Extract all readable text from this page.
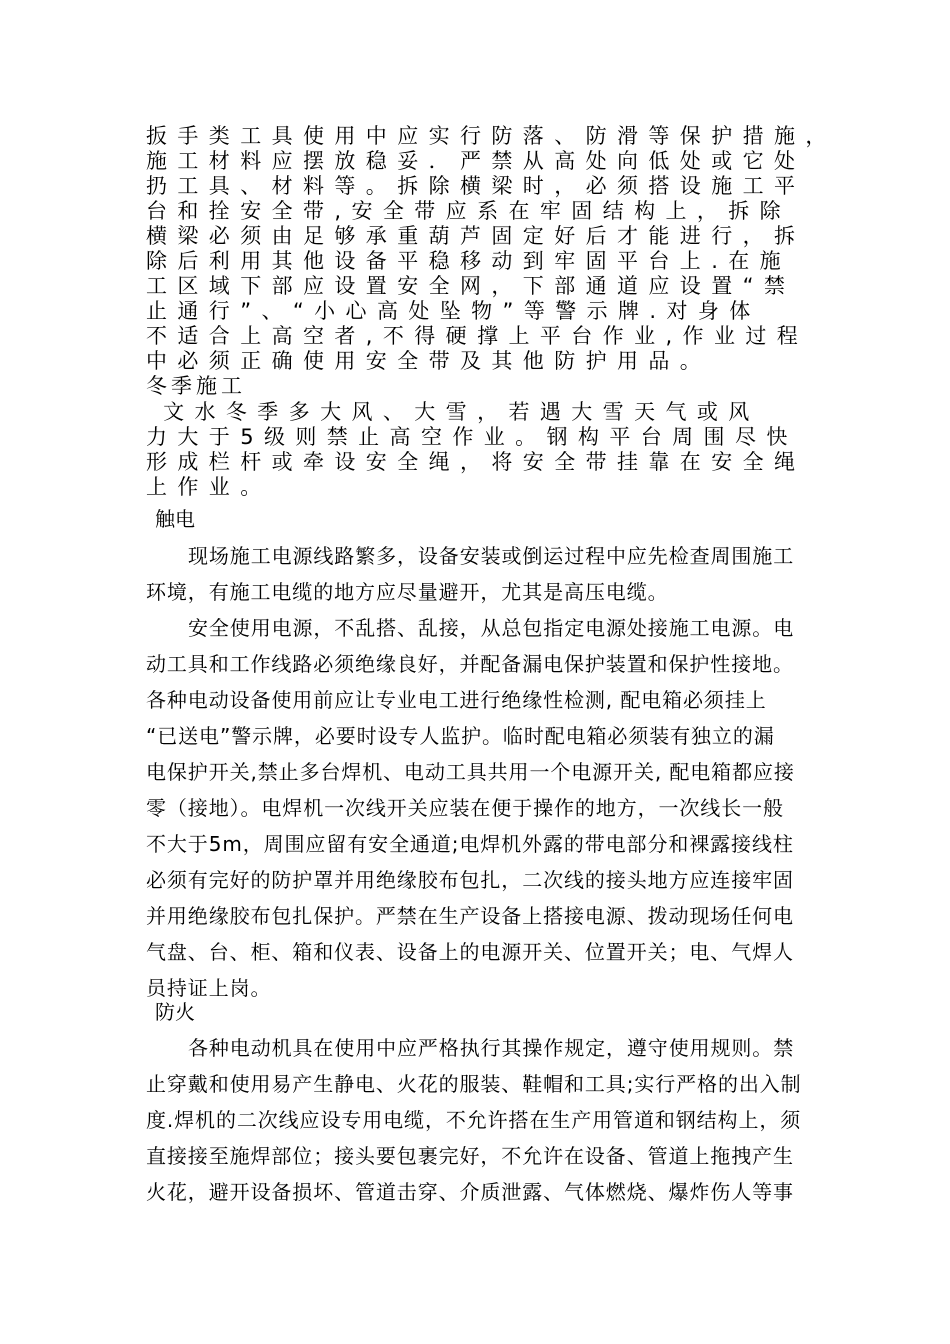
扳手类工具使用中应实行防落、防滑等保护措施，
施工材料应摆放稳妥．严禁从高处向低处或它处
扔工具、材料等。拆除横梁时，必须搭设施工平
台和拴安全带,安全带应系在牢固结构上，拆除
横梁必须由足够承重葫芦固定好后才能进行，拆
除后利用其他设备平稳移动到牢固平台上.在施
工区域下部应设置安全网，下部通道应设置“禁
止通行”、“小心高处坠物”等警示牌.对身体
不适合上高空者,不得硬撑上平台作业,作业过程
中必须正确使用安全带及其他防护用品。
冬季施工
文水冬季多大风、大雪，若遇大雪天气或风
力大于5级则禁止高空作业。钢构平台周围尽快
形成栏杆或牵设安全绳，将安全带挂靠在安全绳
上作业。
触电
现场施工电源线路繁多，设备安装或倒运过程中应先检查周围施工
环境，有施工电缆的地方应尽量避开，尤其是高压电缆。
安全使用电源，不乱搭、乱接，从总包指定电源处接施工电源。电
动工具和工作线路必须绝缘良好，并配备漏电保护装置和保护性接地。
各种电动设备使用前应让专业电工进行绝缘性检测, 配电箱必须挂上
“已送电”警示牌，必要时设专人监护。临时配电箱必须装有独立的漏
电保护开关,禁止多台焊机、电动工具共用一个电源开关, 配电箱都应接
零（接地）。电焊机一次线开关应装在便于操作的地方，一次线长一般
不大于5m，周围应留有安全通道;电焊机外露的带电部分和裸露接线柱
必须有完好的防护罩并用绝缘胶布包扎，二次线的接头地方应连接牢固
并用绝缘胶布包扎保护。严禁在生产设备上搭接电源、拨动现场任何电
气盘、台、柜、箱和仪表、设备上的电源开关、位置开关；电、气焊人
员持证上岗。
防火
各种电动机具在使用中应严格执行其操作规定，遵守使用规则。禁
止穿戴和使用易产生静电、火花的服装、鞋帽和工具;实行严格的出入制
度.焊机的二次线应设专用电缆，不允许搭在生产用管道和钢结构上，须
直接接至施焊部位；接头要包裹完好，不允许在设备、管道上拖拽产生
火花，避开设备损坏、管道击穿、介质泄露、气体燃烧、爆炸伤人等事
